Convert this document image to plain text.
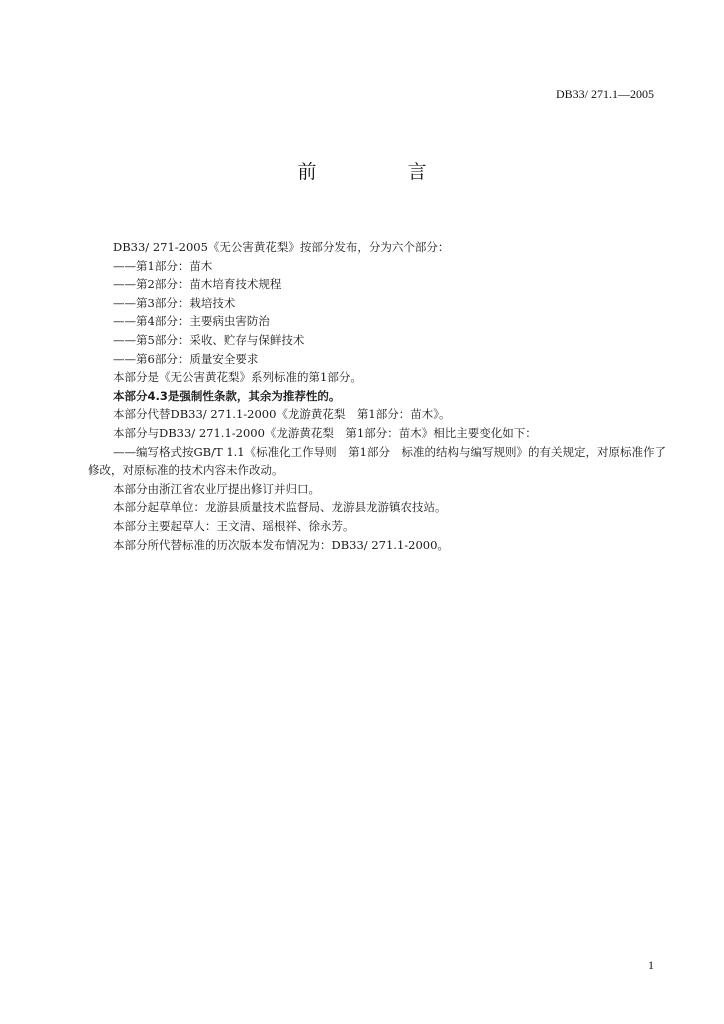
DB33/ 271.1—2005
前　言
DB33/ 271-2005《无公害黄花梨》按部分发布，分为六个部分：
——第1部分：苗木
——第2部分：苗木培育技术规程
——第3部分：栽培技术
——第4部分：主要病虫害防治
——第5部分：采收、贮存与保鲜技术
——第6部分：质量安全要求
本部分是《无公害黄花梨》系列标准的第1部分。
本部分4.3是强制性条款，其余为推荐性的。
本部分代替DB33/ 271.1-2000《龙游黄花梨　第1部分：苗木》。
本部分与DB33/ 271.1-2000《龙游黄花梨　第1部分：苗木》相比主要变化如下：
——编写格式按GB/T 1.1《标准化工作导则　第1部分　标准的结构与编写规则》的有关规定，对原标准作了修改，对原标准的技术内容未作改动。
本部分由浙江省农业厅提出修订并归口。
本部分起草单位：龙游县质量技术监督局、龙游县龙游镇农技站。
本部分主要起草人：王文清、瑶根祥、徐永芳。
本部分所代替标准的历次版本发布情况为：DB33/ 271.1-2000。
1
